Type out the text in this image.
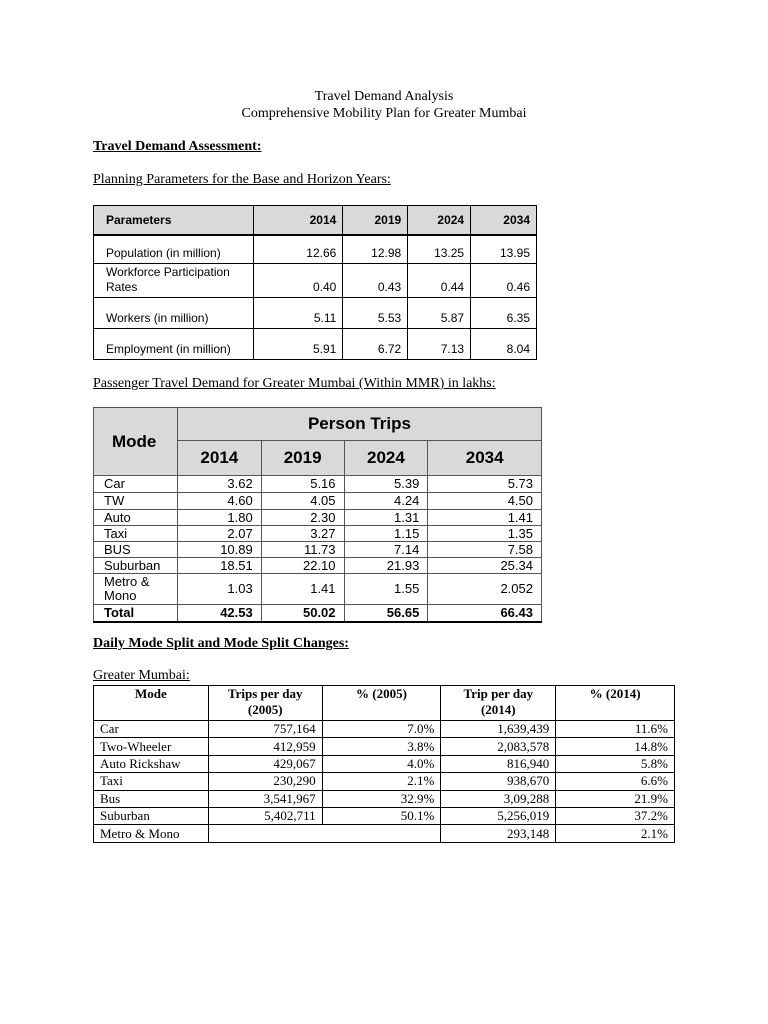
Travel Demand Analysis
Comprehensive Mobility Plan for Greater Mumbai
Travel Demand Assessment:
Planning Parameters for the Base and Horizon Years:
Parameters	2014	2019	2024	2034
Population (in million)	12.66	12.98	13.25	13.95
Workforce Participation Rates	0.40	0.43	0.44	0.46
Workers (in million)	5.11	5.53	5.87	6.35
Employment (in million)	5.91	6.72	7.13	8.04
Passenger Travel Demand for Greater Mumbai (Within MMR) in lakhs:
Mode	Person Trips			
	2014	2019	2024	2034
Car	3.62	5.16	5.39	5.73
TW	4.60	4.05	4.24	4.50
Auto	1.80	2.30	1.31	1.41
Taxi	2.07	3.27	1.15	1.35
BUS	10.89	11.73	7.14	7.58
Suburban	18.51	22.10	21.93	25.34
Metro & Mono	1.03	1.41	1.55	2.052
Total	42.53	50.02	56.65	66.43
Daily Mode Split and Mode Split Changes:
Greater Mumbai:
Mode	Trips per day (2005)	% (2005)	Trip per day (2014)	% (2014)
Car	757,164	7.0%	1,639,439	11.6%
Two-Wheeler	412,959	3.8%	2,083,578	14.8%
Auto Rickshaw	429,067	4.0%	816,940	5.8%
Taxi	230,290	2.1%	938,670	6.6%
Bus	3,541,967	32.9%	3,09,288	21.9%
Suburban	5,402,711	50.1%	5,256,019	37.2%
Metro & Mono			293,148	2.1%
